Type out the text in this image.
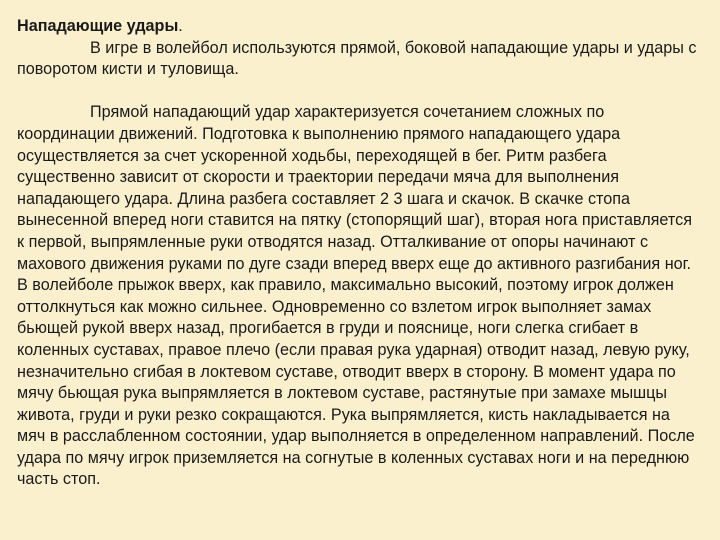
Нападающие удары.

В игре в волейбол используются прямой, боковой нападающие удары и удары с поворотом кисти и туловища.

Прямой нападающий удар характеризуется сочетанием сложных по координации движений. Подготовка к выполнению прямого нападающего удара осуществляется за счет ускоренной ходьбы, переходящей в бег. Ритм разбега существенно зависит от скорости и траектории передачи мяча для выполнения нападающего удара. Длина разбега составляет 2 3 шага и скачок. В скачке стопа вынесенной вперед ноги ставится на пятку (стопорящий шаг), вторая нога приставляется к первой, выпрямленные руки отводятся назад. Отталкивание от опоры начинают с махового движения руками по дуге сзади вперед вверх еще до активного разгибания ног. В волейболе прыжок вверх, как правило, максимально высокий, поэтому игрок должен оттолкнуться как можно сильнее. Одновременно со взлетом игрок выполняет замах бьющей рукой вверх назад, прогибается в груди и пояснице, ноги слегка сгибает в коленных суставах, правое плечо (если правая рука ударная) отводит назад, левую руку, незначительно сгибая в локтевом суставе, отводит вверх в сторону. В момент удара по мячу бьющая рука выпрямляется в локтевом суставе, растянутые при замахе мышцы живота, груди и руки резко сокращаются. Рука выпрямляется, кисть накладывается на мяч в расслабленном состоянии, удар выполняется в определенном направлений. После удара по мячу игрок приземляется на согнутые в коленных суставах ноги и на переднюю часть стоп.
